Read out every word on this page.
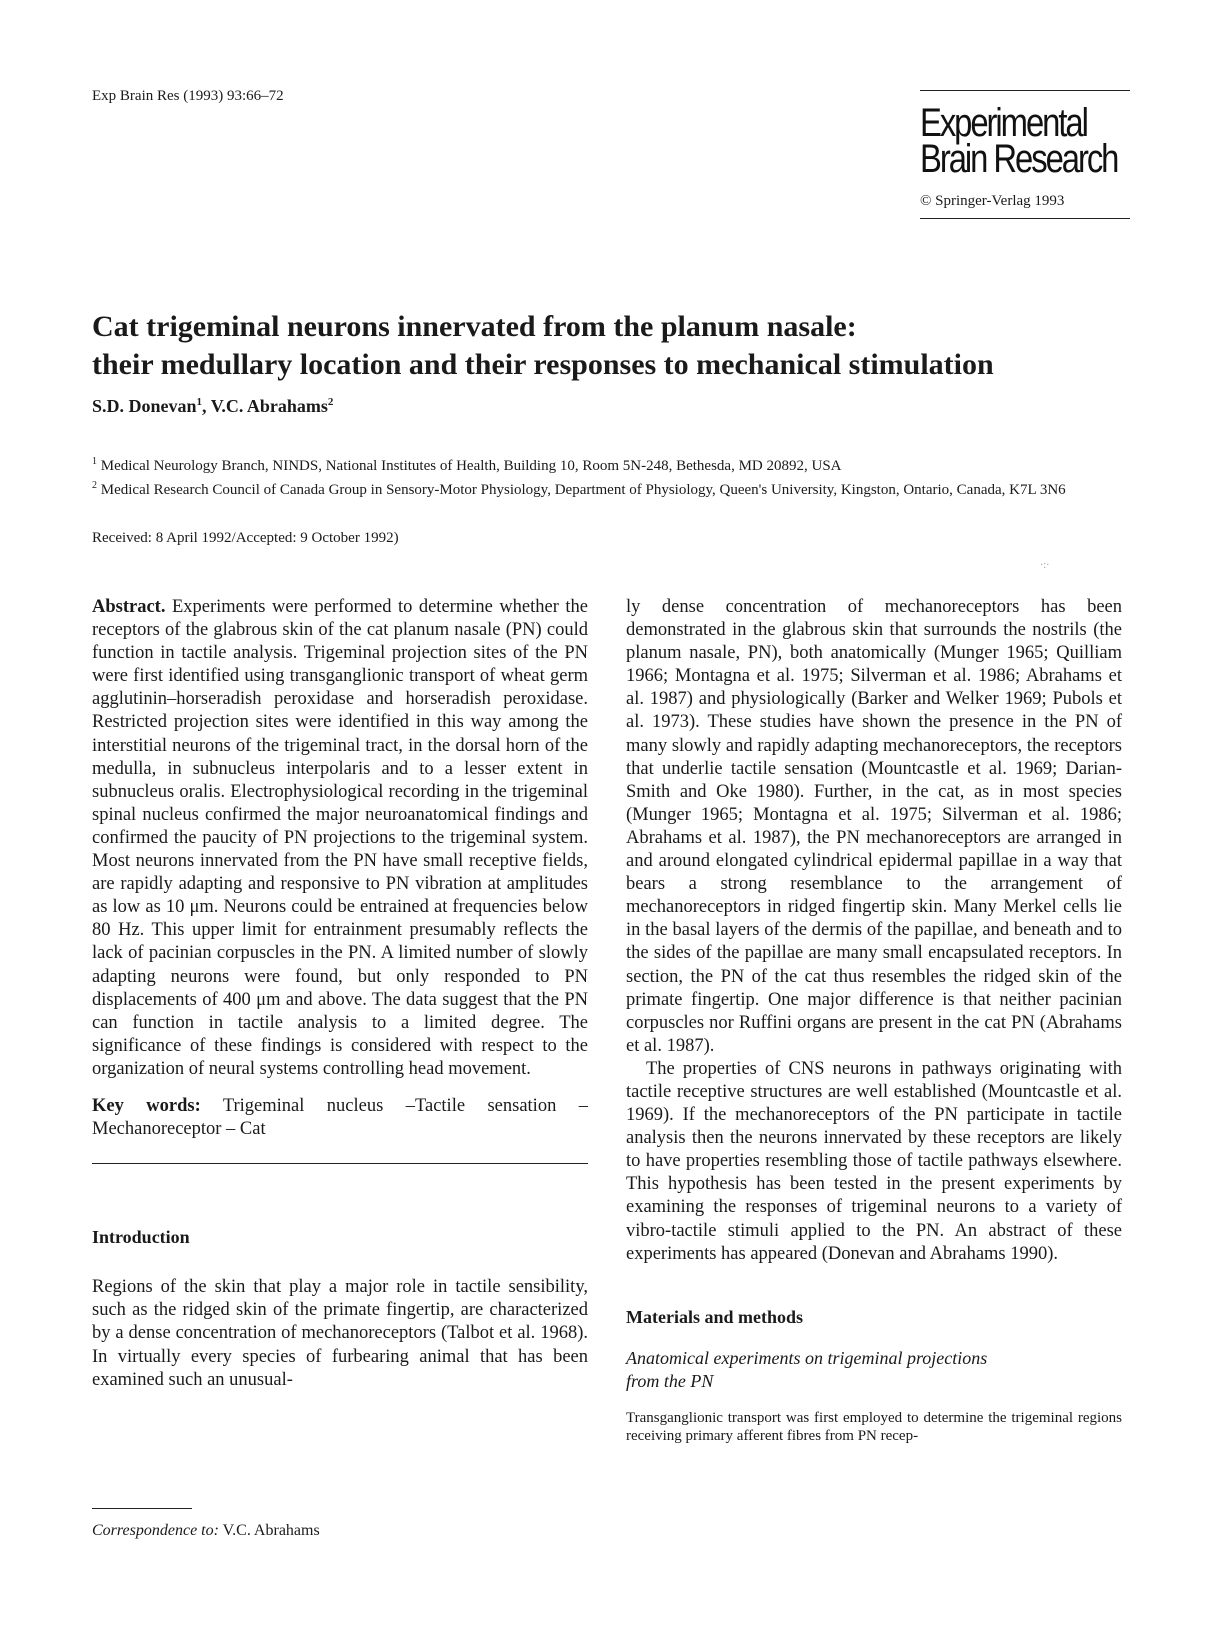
Exp Brain Res (1993) 93:66–72
Experimental
Brain Research
© Springer-Verlag 1993
Cat trigeminal neurons innervated from the planum nasale:
their medullary location and their responses to mechanical stimulation
S.D. Donevan$^1$, V.C. Abrahams$^2$
$^1$ Medical Neurology Branch, NINDS, National Institutes of Health, Building 10, Room 5N-248, Bethesda, MD 20892, USA
$^2$ Medical Research Council of Canada Group in Sensory-Motor Physiology, Department of Physiology, Queen's University, Kingston, Ontario, Canada, K7L 3N6
Received: 8 April 1992/Accepted: 9 October 1992)
·:·

Abstract. Experiments were performed to determine whether the receptors of the glabrous skin of the cat planum nasale (PN) could function in tactile analysis. Trigeminal projection sites of the PN were first identified using transganglionic transport of wheat germ agglutinin–horseradish peroxidase and horseradish peroxidase. Restricted projection sites were identified in this way among the interstitial neurons of the trigeminal tract, in the dorsal horn of the medulla, in subnucleus interpolaris and to a lesser extent in subnucleus oralis. Electrophysiological recording in the trigeminal spinal nucleus confirmed the major neuroanatomical findings and confirmed the paucity of PN projections to the trigeminal system. Most neurons innervated from the PN have small receptive fields, are rapidly adapting and responsive to PN vibration at amplitudes as low as 10 μm. Neurons could be entrained at frequencies below 80 Hz. This upper limit for entrainment presumably reflects the lack of pacinian corpuscles in the PN. A limited number of slowly adapting neurons were found, but only responded to PN displacements of 400 μm and above. The data suggest that the PN can function in tactile analysis to a limited degree. The significance of these findings is considered with respect to the organization of neural systems controlling head movement.

Key words: Trigeminal nucleus –Tactile sensation – Mechanoreceptor – Cat

Introduction

Regions of the skin that play a major role in tactile sensibility, such as the ridged skin of the primate fingertip, are characterized by a dense concentration of mechanoreceptors (Talbot et al. 1968). In virtually every species of furbearing animal that has been examined such an unusual-

ly dense concentration of mechanoreceptors has been demonstrated in the glabrous skin that surrounds the nostrils (the planum nasale, PN), both anatomically (Munger 1965; Quilliam 1966; Montagna et al. 1975; Silverman et al. 1986; Abrahams et al. 1987) and physiologically (Barker and Welker 1969; Pubols et al. 1973). These studies have shown the presence in the PN of many slowly and rapidly adapting mechanoreceptors, the receptors that underlie tactile sensation (Mountcastle et al. 1969; Darian-Smith and Oke 1980). Further, in the cat, as in most species (Munger 1965; Montagna et al. 1975; Silverman et al. 1986; Abrahams et al. 1987), the PN mechanoreceptors are arranged in and around elongated cylindrical epidermal papillae in a way that bears a strong resemblance to the arrangement of mechanoreceptors in ridged fingertip skin. Many Merkel cells lie in the basal layers of the dermis of the papillae, and beneath and to the sides of the papillae are many small encapsulated receptors. In section, the PN of the cat thus resembles the ridged skin of the primate fingertip. One major difference is that neither pacinian corpuscles nor Ruffini organs are present in the cat PN (Abrahams et al. 1987).

The properties of CNS neurons in pathways originating with tactile receptive structures are well established (Mountcastle et al. 1969). If the mechanoreceptors of the PN participate in tactile analysis then the neurons innervated by these receptors are likely to have properties resembling those of tactile pathways elsewhere. This hypothesis has been tested in the present experiments by examining the responses of trigeminal neurons to a variety of vibro-tactile stimuli applied to the PN. An abstract of these experiments has appeared (Donevan and Abrahams 1990).

Materials and methods
Anatomical experiments on trigeminal projections
from the PN

Transganglionic transport was first employed to determine the trigeminal regions receiving primary afferent fibres from PN recep-

Correspondence to: V.C. Abrahams
